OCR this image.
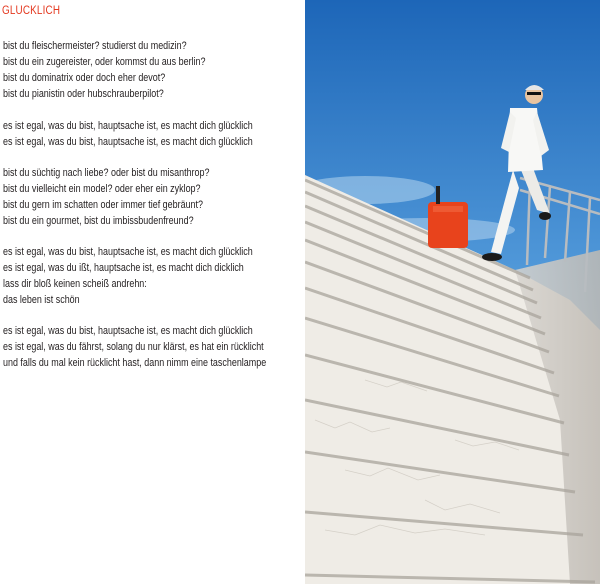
GLÜCKLICH
bist du fleischermeister? studierst du medizin?
bist du ein zugereister, oder kommst du aus berlin?
bist du dominatrix oder doch eher devot?
bist du pianistin oder hubschrauberpilot?
es ist egal, was du bist, hauptsache ist, es macht dich glücklich
es ist egal, was du bist, hauptsache ist, es macht dich glücklich
bist du süchtig nach liebe? oder bist du misanthrop?
bist du vielleicht ein model? oder eher ein zyklop?
bist du gern im schatten oder immer tief gebräunt?
bist du ein gourmet, bist du imbissbudenfreund?
es ist egal, was du bist, hauptsache ist, es macht dich glücklich
es ist egal, was du ißt, hauptsache ist, es macht dich dicklich
lass dir bloß keinen scheiß andrehn:
das leben ist schön
es ist egal, was du bist, hauptsache ist, es macht dich glücklich
es ist egal, was du fährst, solang du nur klärst, es hat ein rücklicht
und falls du mal kein rücklicht hast, dann nimm eine taschenlampe
